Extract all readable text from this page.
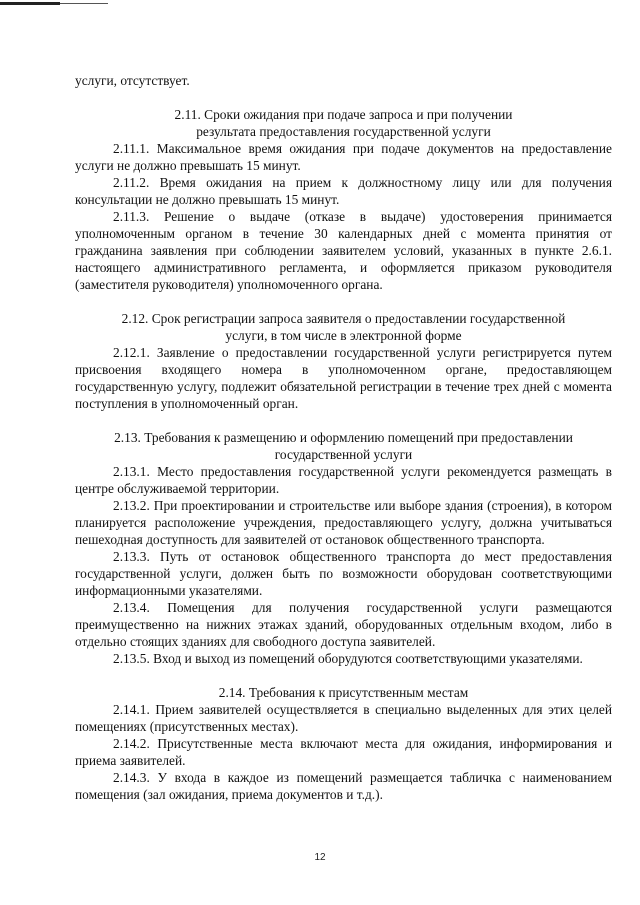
услуги, отсутствует.

2.11. Сроки ожидания при подаче запроса и при получении

результата предоставления государственной услуги

2.11.1. Максимальное время ожидания при подаче документов на предоставление услуги не должно превышать 15 минут.

2.11.2. Время ожидания на прием к должностному лицу или для получения консультации не должно превышать 15 минут.

2.11.3. Решение о выдаче (отказе в выдаче) удостоверения принимается уполномоченным органом в течение 30 календарных дней с момента принятия от гражданина заявления при соблюдении заявителем условий, указанных в пункте 2.6.1. настоящего административного регламента, и оформляется приказом руководителя (заместителя руководителя) уполномоченного органа.

2.12. Срок регистрации запроса заявителя о предоставлении государственной

услуги, в том числе в электронной форме

2.12.1. Заявление о предоставлении государственной услуги регистрируется путем присвоения входящего номера в уполномоченном органе, предоставляющем государственную услугу, подлежит обязательной регистрации в течение трех дней с момента поступления в уполномоченный орган.

2.13. Требования к размещению и оформлению помещений при предоставлении

государственной услуги

2.13.1. Место предоставления государственной услуги рекомендуется размещать в центре обслуживаемой территории.

2.13.2. При проектировании и строительстве или выборе здания (строения), в котором планируется расположение учреждения, предоставляющего услугу, должна учитываться пешеходная доступность для заявителей от остановок общественного транспорта.

2.13.3. Путь от остановок общественного транспорта до мест предоставления государственной услуги, должен быть по возможности оборудован соответствующими информационными указателями.

2.13.4. Помещения для получения государственной услуги размещаются преимущественно на нижних этажах зданий, оборудованных отдельным входом, либо в отдельно стоящих зданиях для свободного доступа заявителей.

2.13.5. Вход и выход из помещений оборудуются соответствующими указателями.

2.14. Требования к присутственным местам

2.14.1. Прием заявителей осуществляется в специально выделенных для этих целей помещениях (присутственных местах).

2.14.2. Присутственные места включают места для ожидания, информирования и приема заявителей.

2.14.3. У входа в каждое из помещений размещается табличка с наименованием помещения (зал ожидания, приема документов и т.д.).

12
